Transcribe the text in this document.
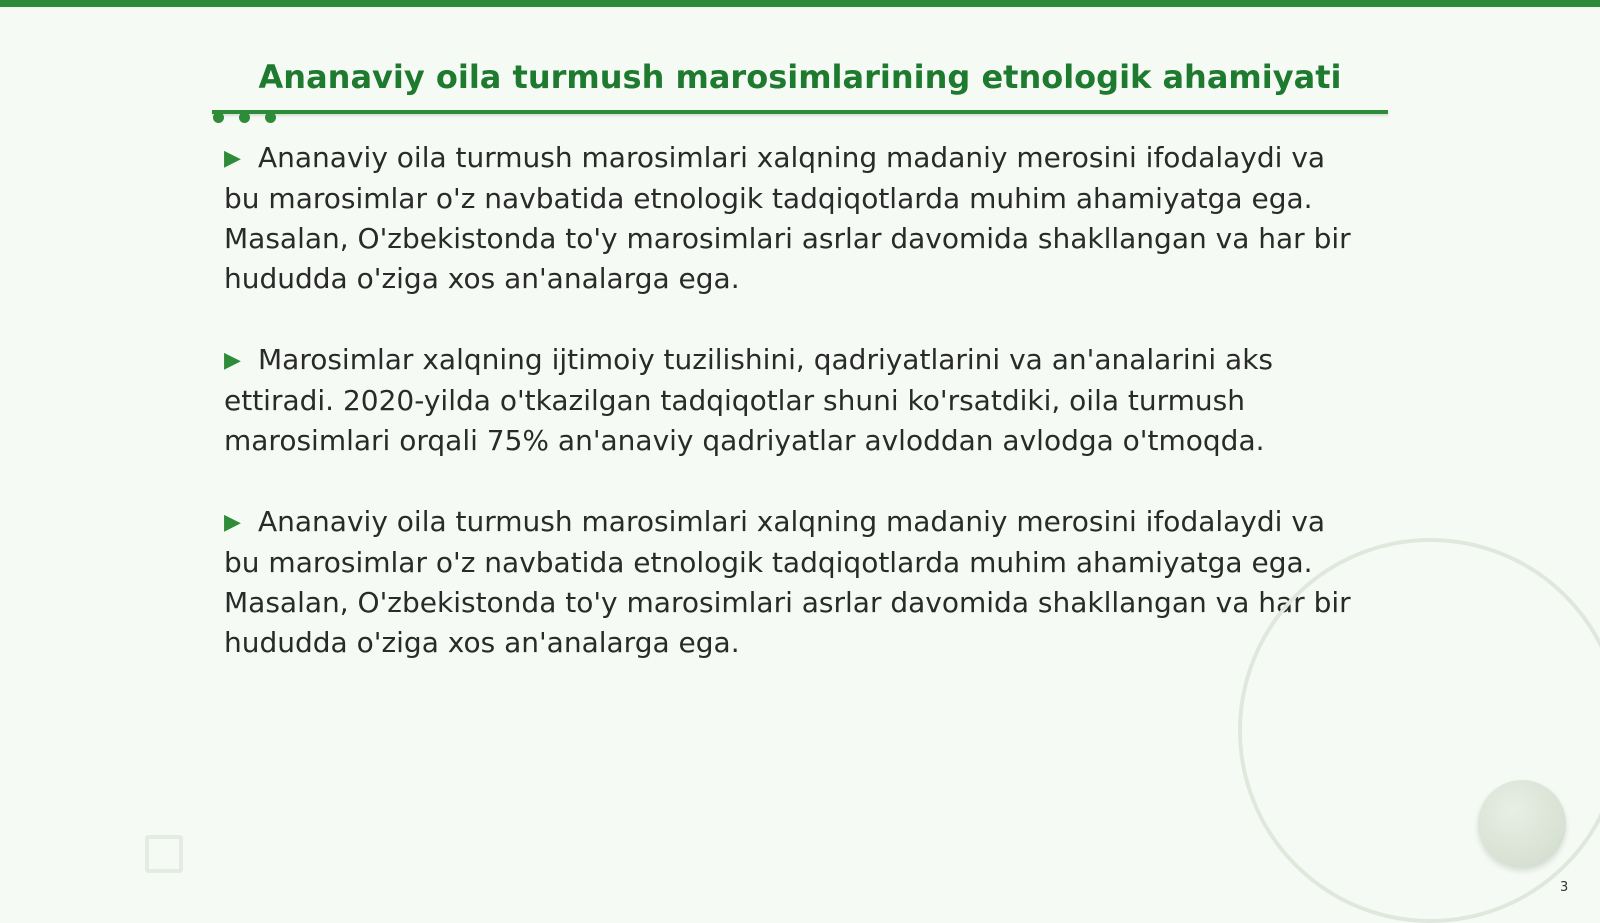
Ananaviy oila turmush marosimlarining etnologik ahamiyati

▶ Ananaviy oila turmush marosimlari xalqning madaniy merosini ifodalaydi va bu marosimlar o'z navbatida etnologik tadqiqotlarda muhim ahamiyatga ega. Masalan, O'zbekistonda to'y marosimlari asrlar davomida shakllangan va har bir hududda o'ziga xos an'analarga ega.

▶ Marosimlar xalqning ijtimoiy tuzilishini, qadriyatlarini va an'analarini aks ettiradi. 2020-yilda o'tkazilgan tadqiqotlar shuni ko'rsatdiki, oila turmush marosimlari orqali 75% an'anaviy qadriyatlar avloddan avlodga o'tmoqda.

▶ Ananaviy oila turmush marosimlari xalqning madaniy merosini ifodalaydi va bu marosimlar o'z navbatida etnologik tadqiqotlarda muhim ahamiyatga ega. Masalan, O'zbekistonda to'y marosimlari asrlar davomida shakllangan va har bir hududda o'ziga xos an'analarga ega.

3
